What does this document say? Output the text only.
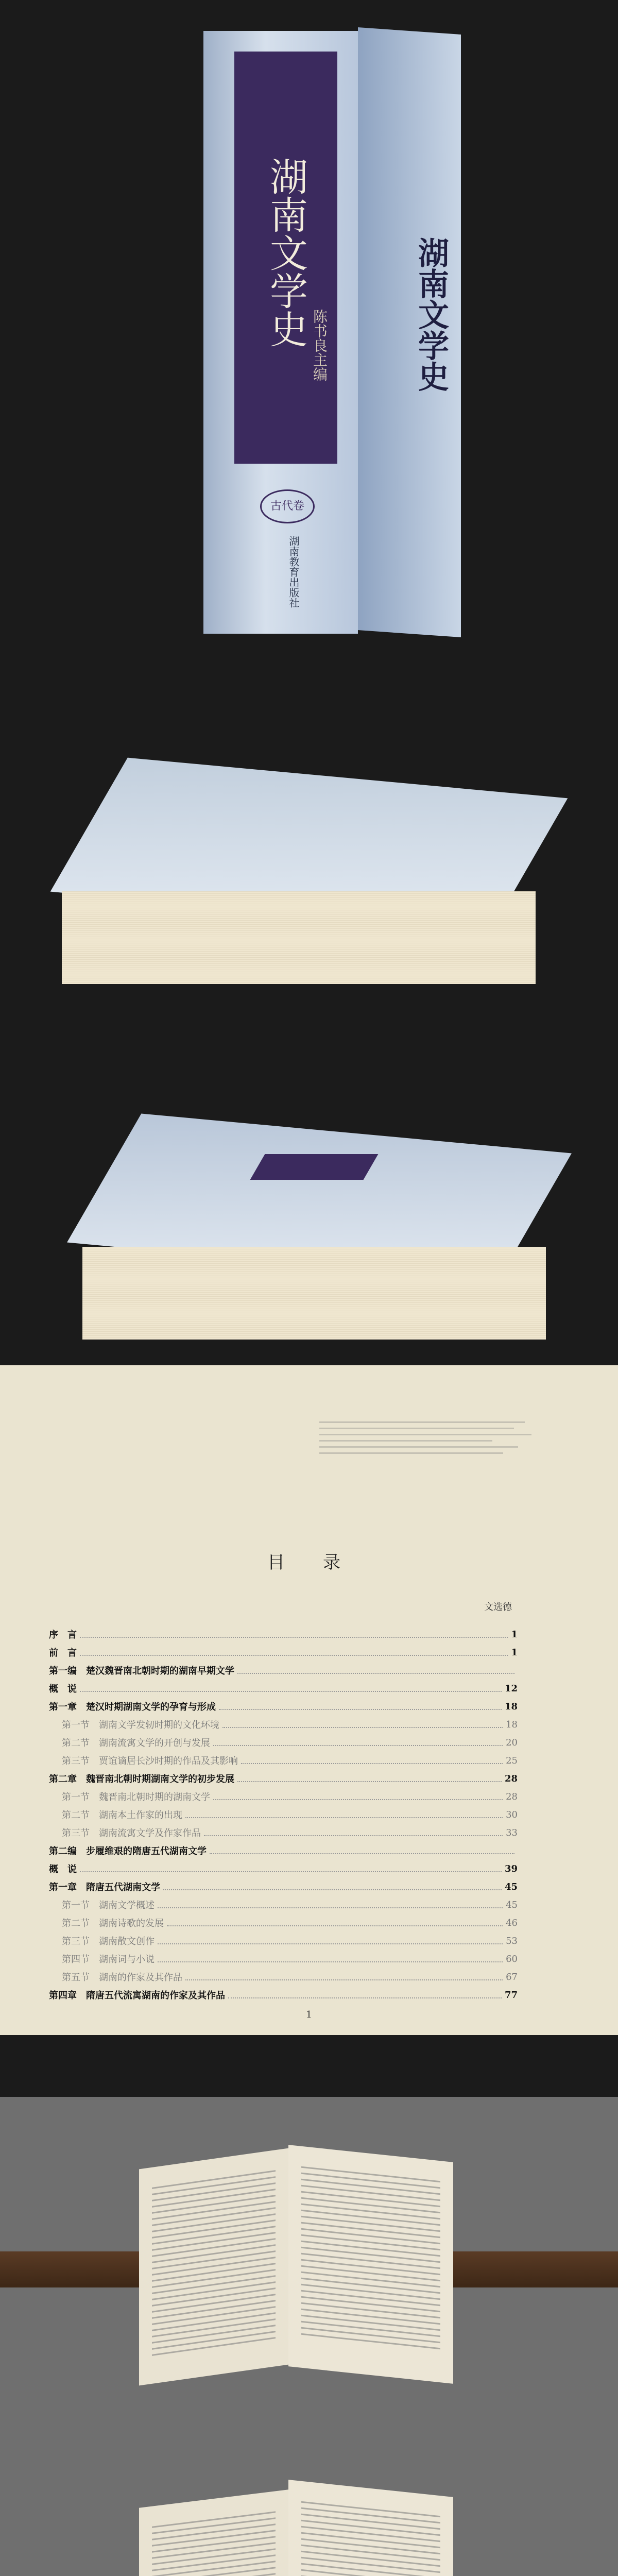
湖南文学史 陈书良主编
古代卷
湖南教育出版社
湖南文学史
目　录
文选德
序　言	1
前　言	1
第一编　楚汉魏晋南北朝时期的湖南早期文学
概　说	12
第一章　楚汉时期湖南文学的孕育与形成	18
第一节　湖南文学发轫时期的文化环境	18
第二节　湖南流寓文学的开创与发展	20
第三节　贾谊谪居长沙时期的作品及其影响	25
第二章　魏晋南北朝时期湖南文学的初步发展	28
第一节　魏晋南北朝时期的湖南文学	28
第二节　湖南本土作家的出现	30
第三节　湖南流寓文学及作家作品	33
第二编　步履维艰的隋唐五代湖南文学
概　说	39
第一章　隋唐五代湖南文学	45
第一节　湖南文学概述	45
第二节　湖南诗歌的发展	46
第三节　湖南散文创作	53
第四节　湖南词与小说	60
第五节　湖南的作家及其作品	67
第四章　隋唐五代流寓湖南的作家及其作品	77
1
